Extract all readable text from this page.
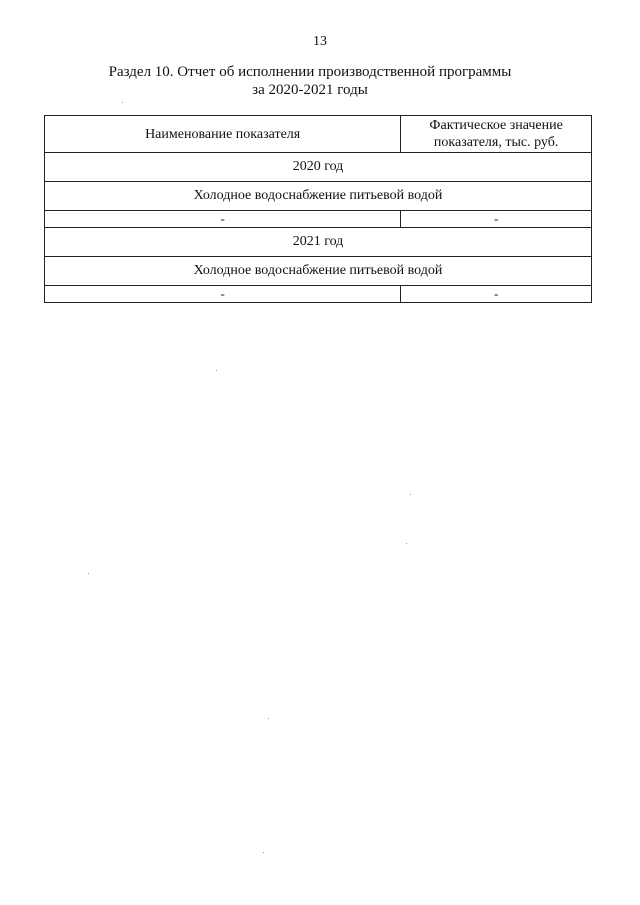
13
Раздел 10. Отчет об исполнении производственной программы
за 2020-2021 годы
Наименование показателя	Фактическое значение показателя, тыс. руб.
2020 год	
Холодное водоснабжение питьевой водой	
-	-
2021 год	
Холодное водоснабжение питьевой водой	
-	-
